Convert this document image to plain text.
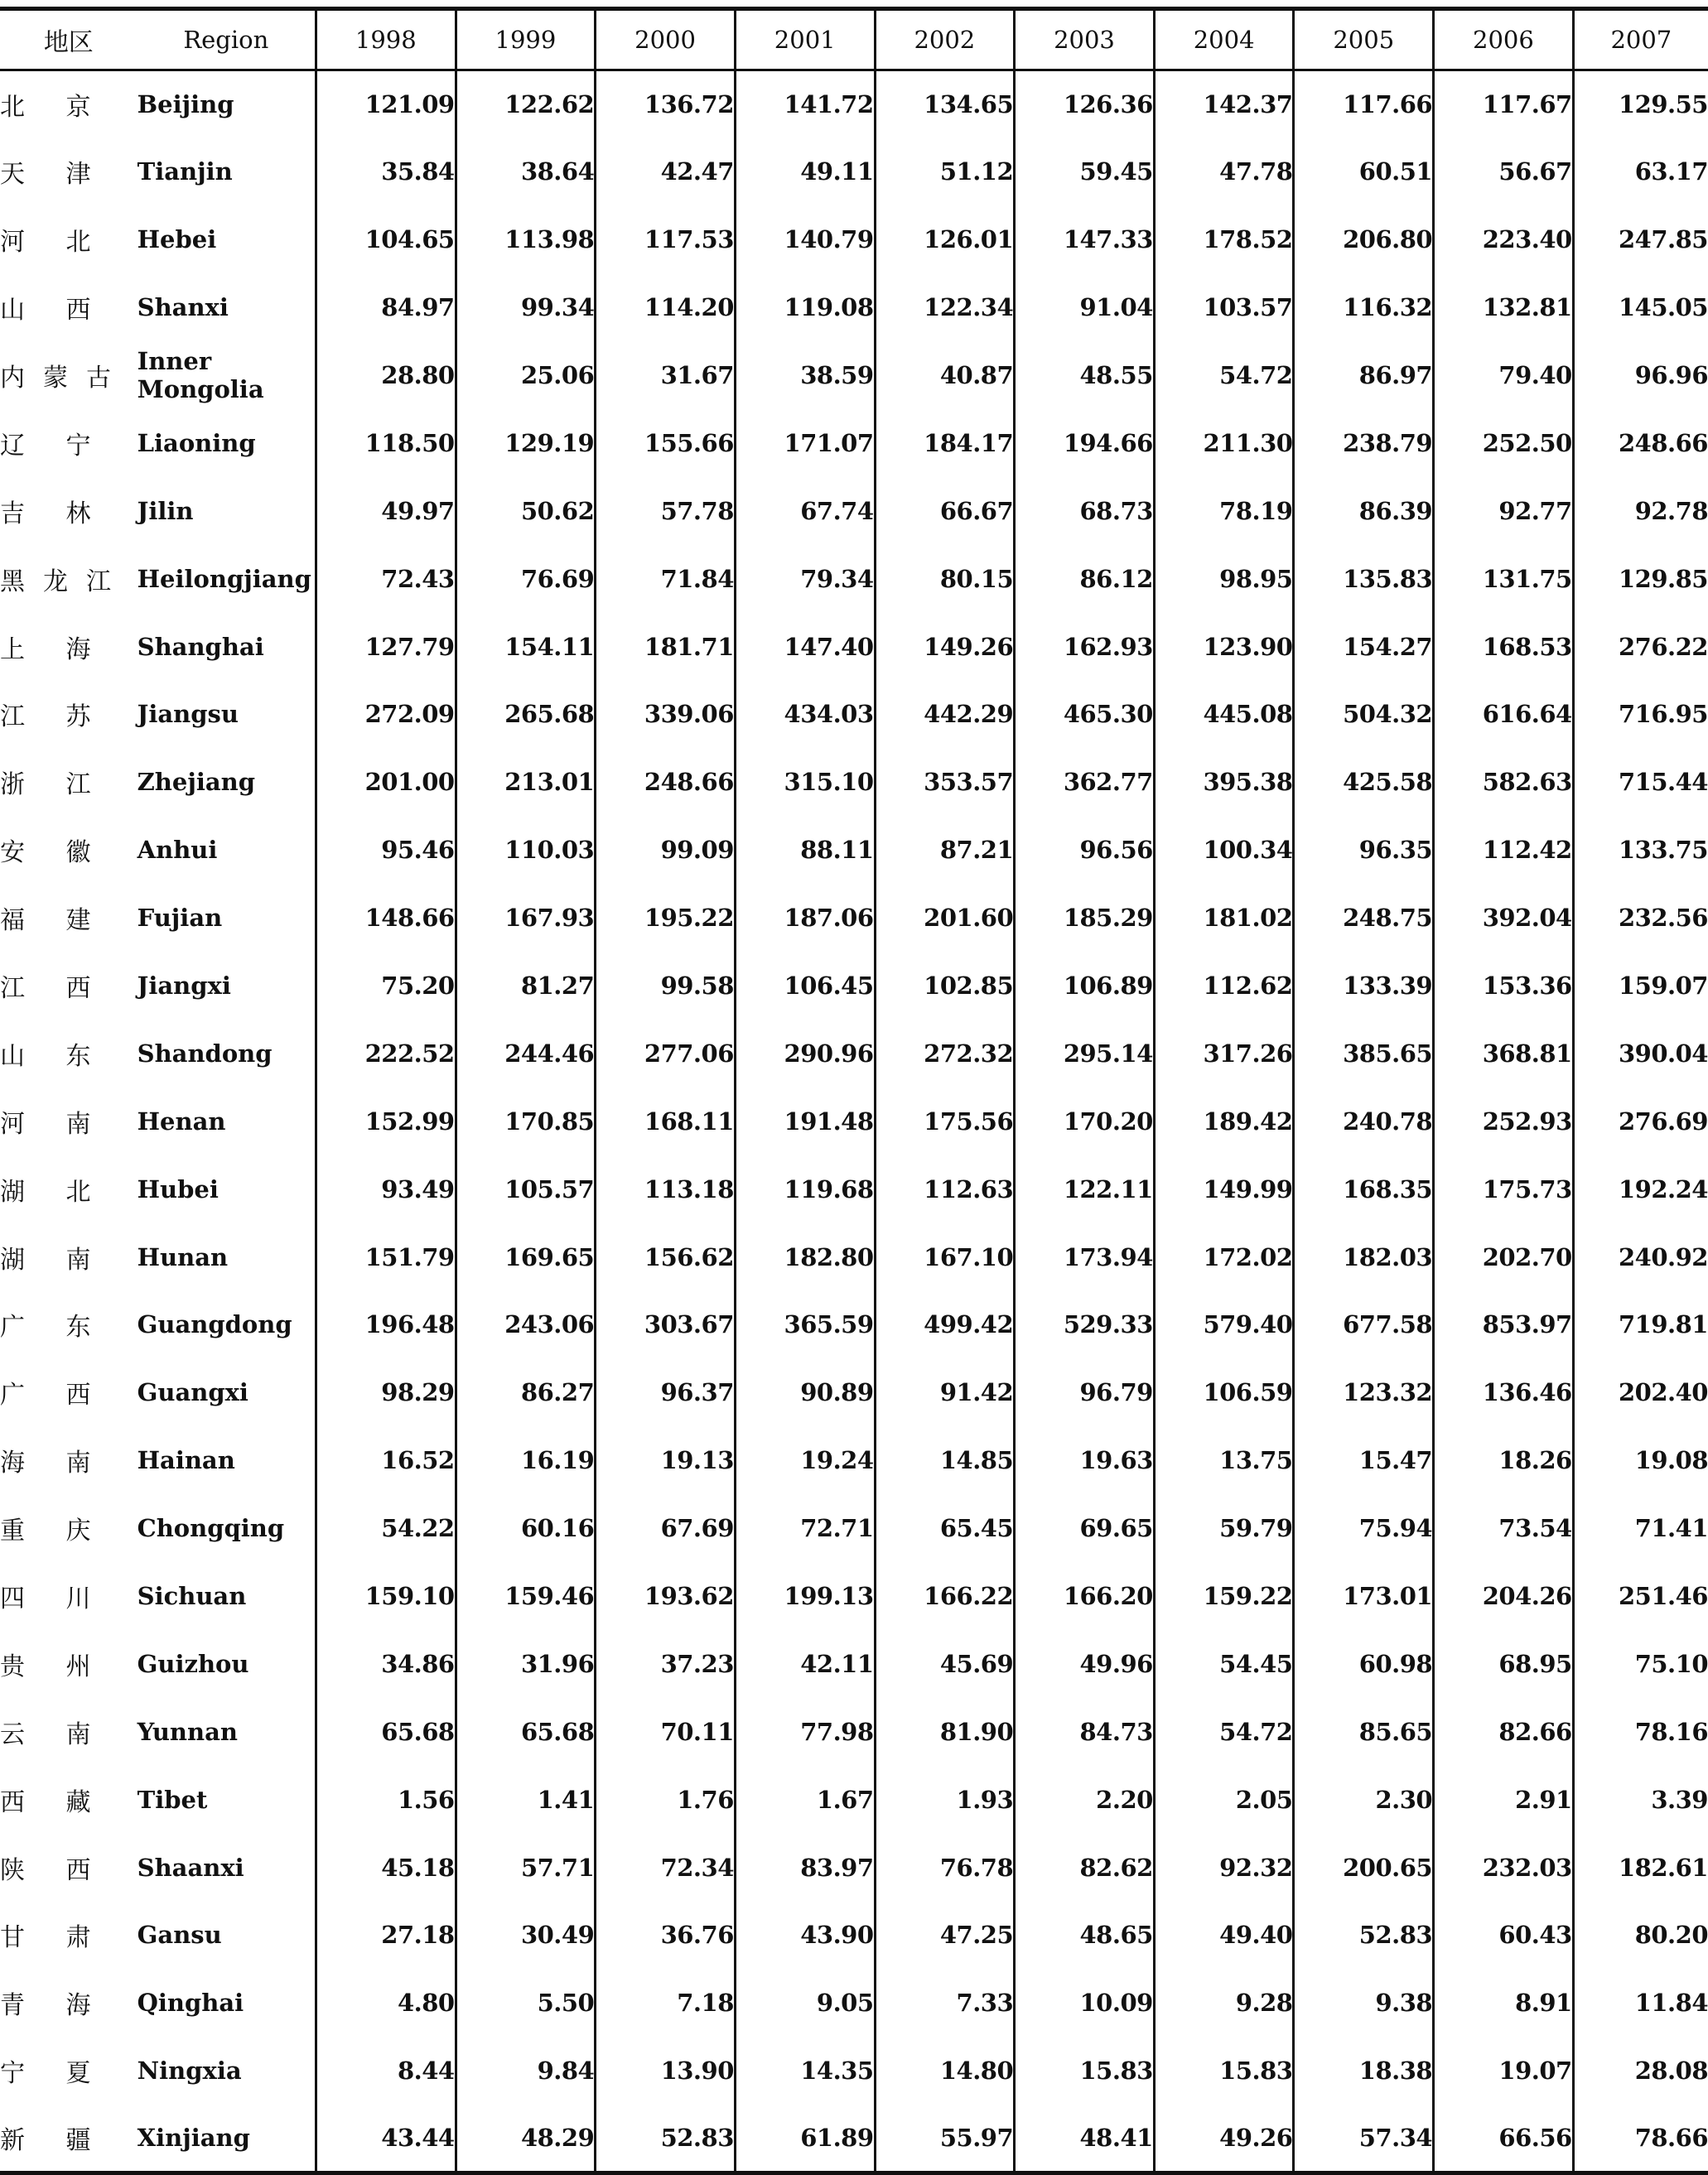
地区	Region	1998	1999	2000	2001	2002	2003	2004	2005	2006	2007
北 京	Beijing	121.09	122.62	136.72	141.72	134.65	126.36	142.37	117.66	117.67	129.55
天 津	Tianjin	35.84	38.64	42.47	49.11	51.12	59.45	47.78	60.51	56.67	63.17
河 北	Hebei	104.65	113.98	117.53	140.79	126.01	147.33	178.52	206.80	223.40	247.85
山 西	Shanxi	84.97	99.34	114.20	119.08	122.34	91.04	103.57	116.32	132.81	145.05
内蒙古	Inner Mongolia	28.80	25.06	31.67	38.59	40.87	48.55	54.72	86.97	79.40	96.96
辽 宁	Liaoning	118.50	129.19	155.66	171.07	184.17	194.66	211.30	238.79	252.50	248.66
吉 林	Jilin	49.97	50.62	57.78	67.74	66.67	68.73	78.19	86.39	92.77	92.78
黑龙江	Heilongjiang	72.43	76.69	71.84	79.34	80.15	86.12	98.95	135.83	131.75	129.85
上 海	Shanghai	127.79	154.11	181.71	147.40	149.26	162.93	123.90	154.27	168.53	276.22
江 苏	Jiangsu	272.09	265.68	339.06	434.03	442.29	465.30	445.08	504.32	616.64	716.95
浙 江	Zhejiang	201.00	213.01	248.66	315.10	353.57	362.77	395.38	425.58	582.63	715.44
安 徽	Anhui	95.46	110.03	99.09	88.11	87.21	96.56	100.34	96.35	112.42	133.75
福 建	Fujian	148.66	167.93	195.22	187.06	201.60	185.29	181.02	248.75	392.04	232.56
江 西	Jiangxi	75.20	81.27	99.58	106.45	102.85	106.89	112.62	133.39	153.36	159.07
山 东	Shandong	222.52	244.46	277.06	290.96	272.32	295.14	317.26	385.65	368.81	390.04
河 南	Henan	152.99	170.85	168.11	191.48	175.56	170.20	189.42	240.78	252.93	276.69
湖 北	Hubei	93.49	105.57	113.18	119.68	112.63	122.11	149.99	168.35	175.73	192.24
湖 南	Hunan	151.79	169.65	156.62	182.80	167.10	173.94	172.02	182.03	202.70	240.92
广 东	Guangdong	196.48	243.06	303.67	365.59	499.42	529.33	579.40	677.58	853.97	719.81
广 西	Guangxi	98.29	86.27	96.37	90.89	91.42	96.79	106.59	123.32	136.46	202.40
海 南	Hainan	16.52	16.19	19.13	19.24	14.85	19.63	13.75	15.47	18.26	19.08
重 庆	Chongqing	54.22	60.16	67.69	72.71	65.45	69.65	59.79	75.94	73.54	71.41
四 川	Sichuan	159.10	159.46	193.62	199.13	166.22	166.20	159.22	173.01	204.26	251.46
贵 州	Guizhou	34.86	31.96	37.23	42.11	45.69	49.96	54.45	60.98	68.95	75.10
云 南	Yunnan	65.68	65.68	70.11	77.98	81.90	84.73	54.72	85.65	82.66	78.16
西 藏	Tibet	1.56	1.41	1.76	1.67	1.93	2.20	2.05	2.30	2.91	3.39
陕 西	Shaanxi	45.18	57.71	72.34	83.97	76.78	82.62	92.32	200.65	232.03	182.61
甘 肃	Gansu	27.18	30.49	36.76	43.90	47.25	48.65	49.40	52.83	60.43	80.20
青 海	Qinghai	4.80	5.50	7.18	9.05	7.33	10.09	9.28	9.38	8.91	11.84
宁 夏	Ningxia	8.44	9.84	13.90	14.35	14.80	15.83	15.83	18.38	19.07	28.08
新 疆	Xinjiang	43.44	48.29	52.83	61.89	55.97	48.41	49.26	57.34	66.56	78.66
